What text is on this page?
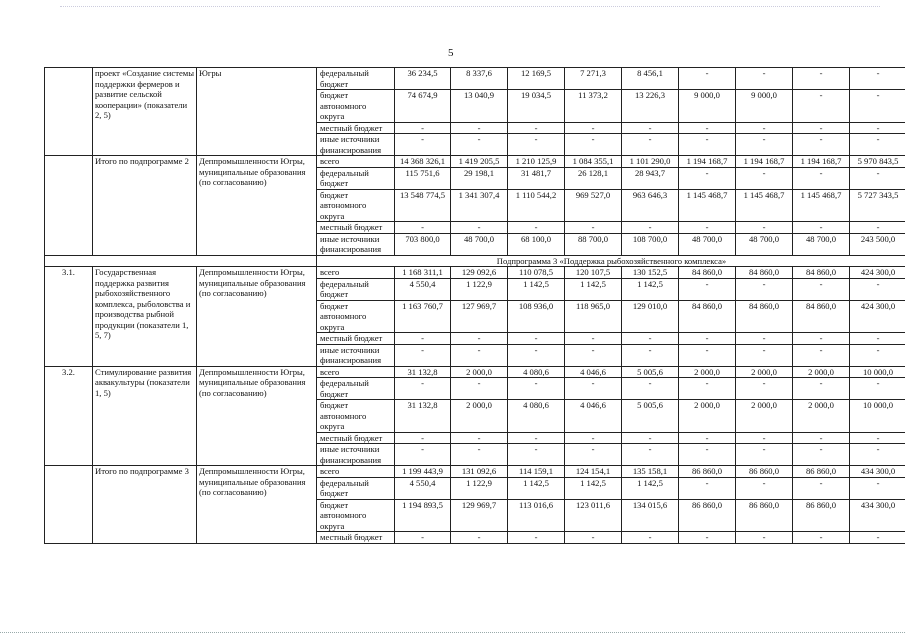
5
	проект «Создание системы поддержки фермеров и развитие сельской кооперации» (показатели 2, 5)	Югры	федеральный бюджет	36 234,5	8 337,6	12 169,5	7 271,3	8 456,1	-	-	-	-
			бюджет автономного округа	74 674,9	13 040,9	19 034,5	11 373,2	13 226,3	9 000,0	9 000,0	-	-
			местный бюджет	-	-	-	-	-	-	-	-	-
			иные источники финансирования	-	-	-	-	-	-	-	-	-
	Итого по подпрограмме 2	Деппромышленности Югры, муниципальные образования (по согласованию)	всего	14 368 326,1	1 419 205,5	1 210 125,9	1 084 355,1	1 101 290,0	1 194 168,7	1 194 168,7	1 194 168,7	5 970 843,5
			федеральный бюджет	115 751,6	29 198,1	31 481,7	26 128,1	28 943,7	-	-	-	-
			бюджет автономного округа	13 548 774,5	1 341 307,4	1 110 544,2	969 527,0	963 646,3	1 145 468,7	1 145 468,7	1 145 468,7	5 727 343,5
			местный бюджет	-	-	-	-	-	-	-	-	-
			иные источники финансирования	703 800,0	48 700,0	68 100,0	88 700,0	108 700,0	48 700,0	48 700,0	48 700,0	243 500,0
			Подпрограмма 3 «Поддержка рыбохозяйственного комплекса»									
3.1.	Государственная поддержка развития рыбохозяйственного комплекса, рыболовства и производства рыбной продукции (показатели 1, 5, 7)	Деппромышленности Югры, муниципальные образования (по согласованию)	всего	1 168 311,1	129 092,6	110 078,5	120 107,5	130 152,5	84 860,0	84 860,0	84 860,0	424 300,0
			федеральный бюджет	4 550,4	1 122,9	1 142,5	1 142,5	1 142,5	-	-	-	-
			бюджет автономного округа	1 163 760,7	127 969,7	108 936,0	118 965,0	129 010,0	84 860,0	84 860,0	84 860,0	424 300,0
			местный бюджет	-	-	-	-	-	-	-	-	-
			иные источники финансирования	-	-	-	-	-	-	-	-	-
3.2.	Стимулирование развития аквакультуры (показатели 1, 5)	Деппромышленности Югры, муниципальные образования (по согласованию)	всего	31 132,8	2 000,0	4 080,6	4 046,6	5 005,6	2 000,0	2 000,0	2 000,0	10 000,0
			федеральный бюджет	-	-	-	-	-	-	-	-	-
			бюджет автономного округа	31 132,8	2 000,0	4 080,6	4 046,6	5 005,6	2 000,0	2 000,0	2 000,0	10 000,0
			местный бюджет	-	-	-	-	-	-	-	-	-
			иные источники финансирования	-	-	-	-	-	-	-	-	-
	Итого по подпрограмме 3	Деппромышленности Югры, муниципальные образования (по согласованию)	всего	1 199 443,9	131 092,6	114 159,1	124 154,1	135 158,1	86 860,0	86 860,0	86 860,0	434 300,0
			федеральный бюджет	4 550,4	1 122,9	1 142,5	1 142,5	1 142,5	-	-	-	-
			бюджет автономного округа	1 194 893,5	129 969,7	113 016,6	123 011,6	134 015,6	86 860,0	86 860,0	86 860,0	434 300,0
			местный бюджет	-	-	-	-	-	-	-	-	-
